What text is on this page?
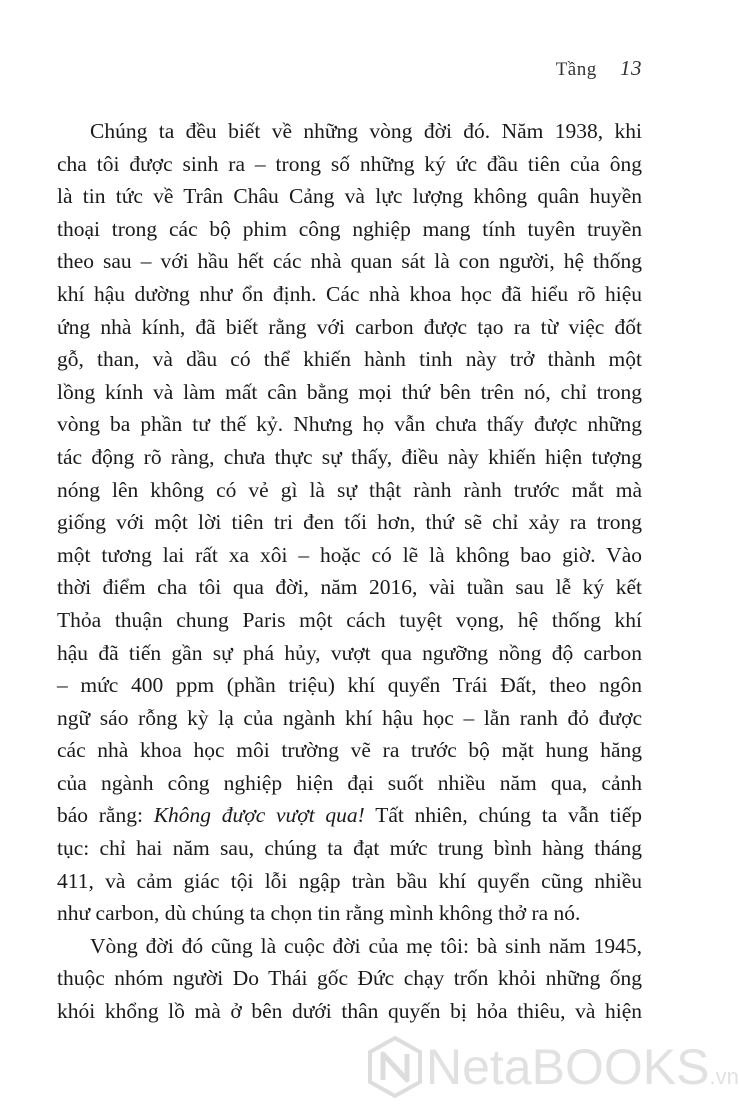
Tầng 13
Chúng ta đều biết về những vòng đời đó. Năm 1938, khi
cha tôi được sinh ra – trong số những ký ức đầu tiên của ông
là tin tức về Trân Châu Cảng và lực lượng không quân huyền
thoại trong các bộ phim công nghiệp mang tính tuyên truyền
theo sau – với hầu hết các nhà quan sát là con người, hệ thống
khí hậu dường như ổn định. Các nhà khoa học đã hiểu rõ hiệu
ứng nhà kính, đã biết rằng với carbon được tạo ra từ việc đốt
gỗ, than, và dầu có thể khiến hành tinh này trở thành một
lồng kính và làm mất cân bằng mọi thứ bên trên nó, chỉ trong
vòng ba phần tư thế kỷ. Nhưng họ vẫn chưa thấy được những
tác động rõ ràng, chưa thực sự thấy, điều này khiến hiện tượng
nóng lên không có vẻ gì là sự thật rành rành trước mắt mà
giống với một lời tiên tri đen tối hơn, thứ sẽ chỉ xảy ra trong
một tương lai rất xa xôi – hoặc có lẽ là không bao giờ. Vào
thời điểm cha tôi qua đời, năm 2016, vài tuần sau lễ ký kết
Thỏa thuận chung Paris một cách tuyệt vọng, hệ thống khí
hậu đã tiến gần sự phá hủy, vượt qua ngưỡng nồng độ carbon
– mức 400 ppm (phần triệu) khí quyển Trái Đất, theo ngôn
ngữ sáo rỗng kỳ lạ của ngành khí hậu học – lằn ranh đỏ được
các nhà khoa học môi trường vẽ ra trước bộ mặt hung hăng
của ngành công nghiệp hiện đại suốt nhiều năm qua, cảnh
báo rằng: Không được vượt qua! Tất nhiên, chúng ta vẫn tiếp
tục: chỉ hai năm sau, chúng ta đạt mức trung bình hàng tháng
411, và cảm giác tội lỗi ngập tràn bầu khí quyển cũng nhiều
như carbon, dù chúng ta chọn tin rằng mình không thở ra nó.
Vòng đời đó cũng là cuộc đời của mẹ tôi: bà sinh năm 1945,
thuộc nhóm người Do Thái gốc Đức chạy trốn khỏi những ống
khói khổng lồ mà ở bên dưới thân quyến bị hỏa thiêu, và hiện
NetaBOOKS.vn
